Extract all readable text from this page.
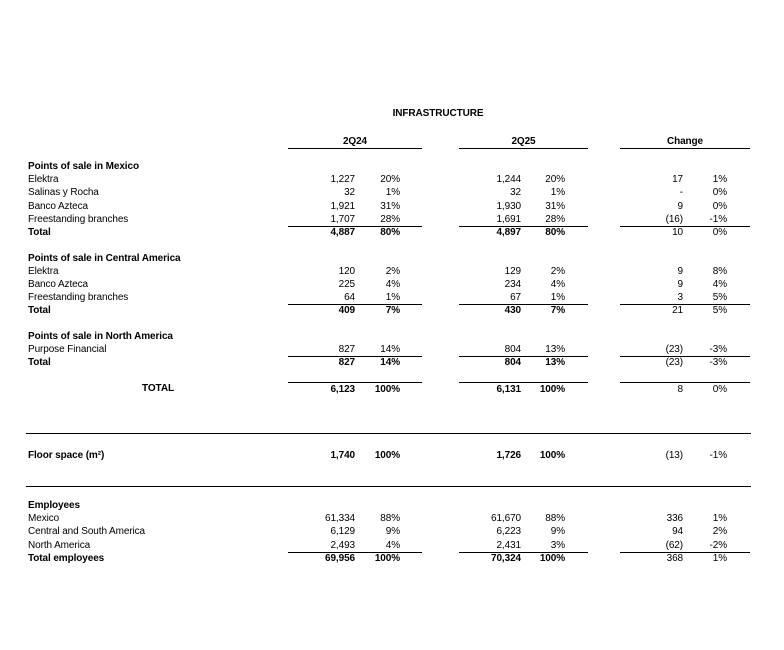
INFRASTRUCTURE
2Q24	2Q25	Change
Points of sale in Mexico
Elektra	1,227	20%	1,244	20%	17	1%
Salinas y Rocha	32	1%	32	1%	-	0%
Banco Azteca	1,921	31%	1,930	31%	9	0%
Freestanding branches	1,707	28%	1,691	28%	(16)	-1%
Total	4,887	80%	4,897	80%	10	0%
Points of sale in Central America
Elektra	120	2%	129	2%	9	8%
Banco Azteca	225	4%	234	4%	9	4%
Freestanding branches	64	1%	67	1%	3	5%
Total	409	7%	430	7%	21	5%
Points of sale in North America
Purpose Financial	827	14%	804	13%	(23)	-3%
Total	827	14%	804	13%	(23)	-3%
TOTAL	6,123	100%	6,131	100%	8	0%
Floor space (m²)	1,740	100%	1,726	100%	(13)	-1%
Employees
Mexico	61,334	88%	61,670	88%	336	1%
Central and South America	6,129	9%	6,223	9%	94	2%
North America	2,493	4%	2,431	3%	(62)	-2%
Total employees	69,956	100%	70,324	100%	368	1%
